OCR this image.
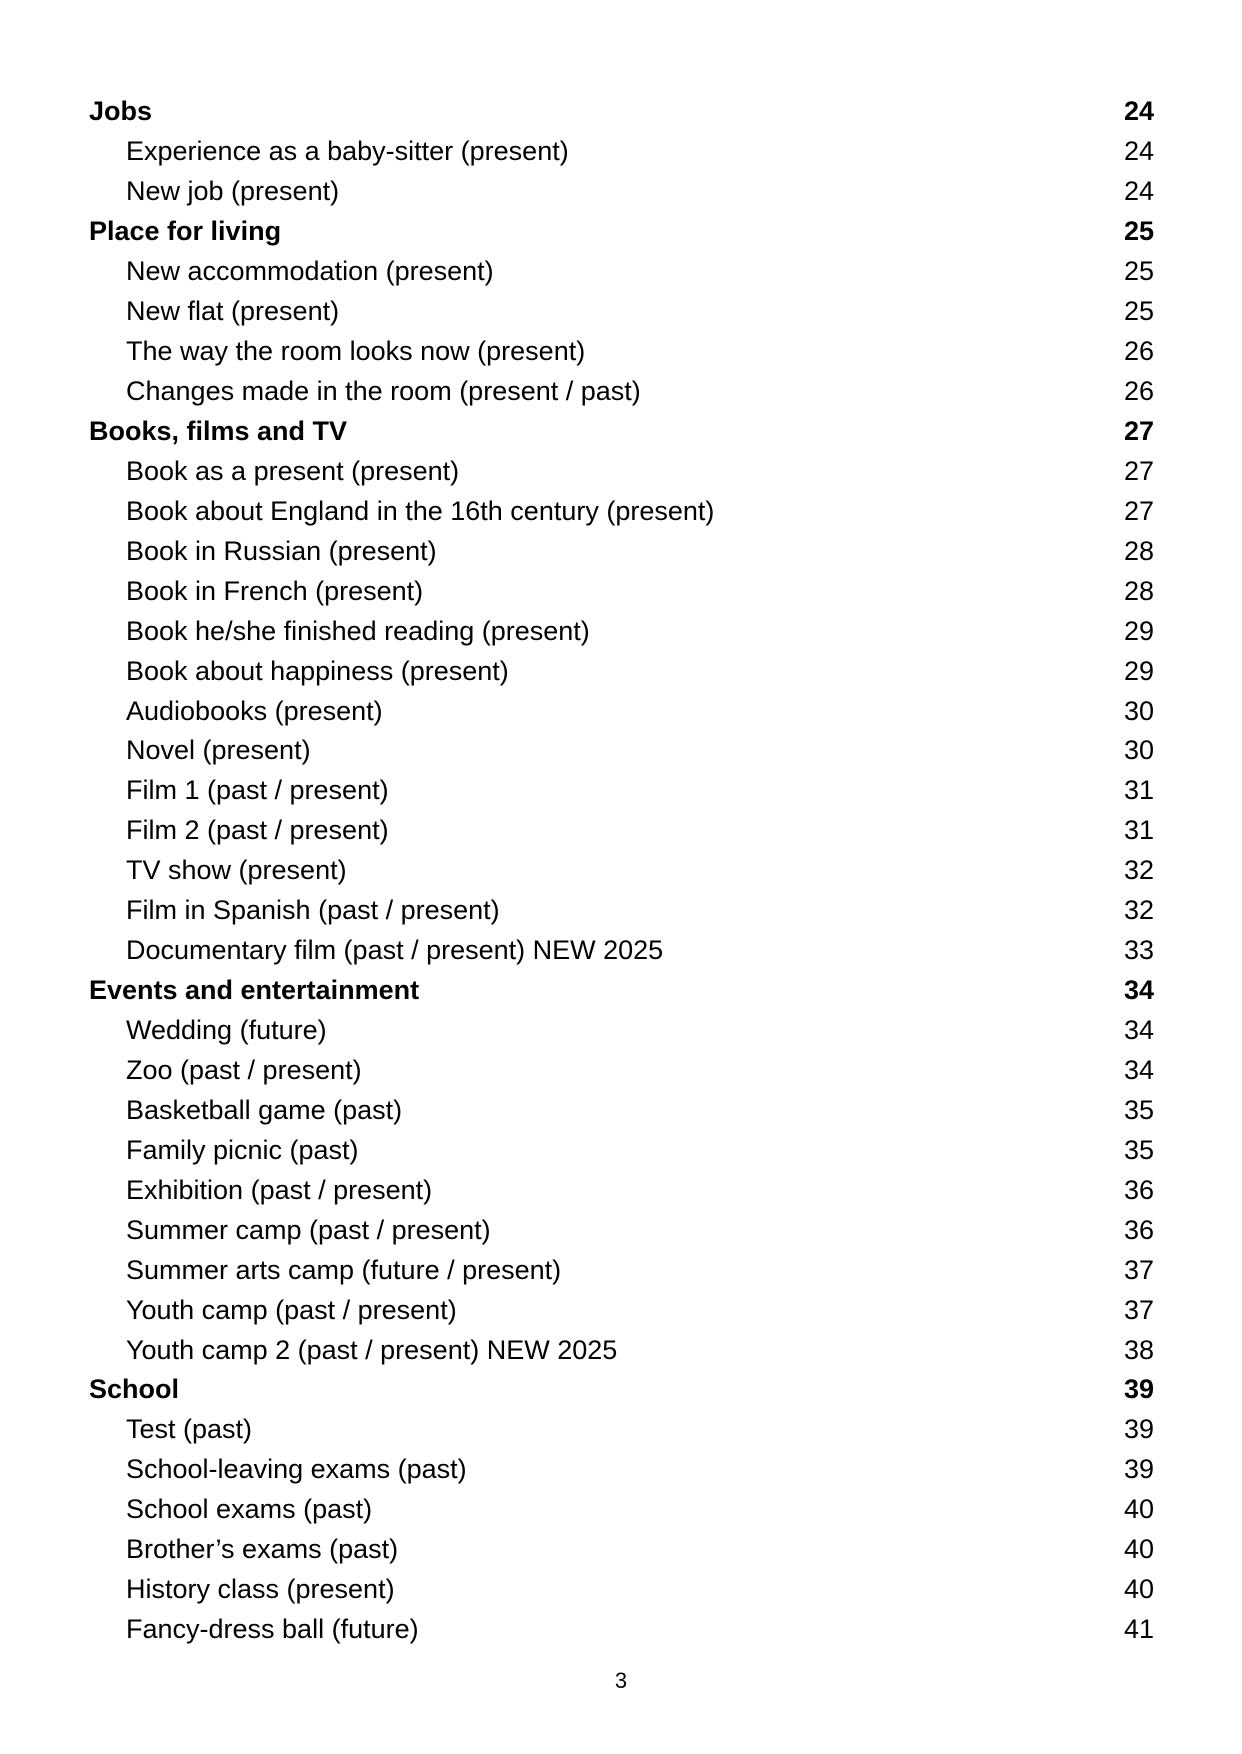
Jobs	24
Experience as a baby-sitter (present)	24
New job (present)	24
Place for living	25
New accommodation (present)	25
New flat (present)	25
The way the room looks now (present)	26
Changes made in the room (present / past)	26
Books, films and TV	27
Book as a present (present)	27
Book about England in the 16th century (present)	27
Book in Russian (present)	28
Book in French (present)	28
Book he/she finished reading (present)	29
Book about happiness (present)	29
Audiobooks (present)	30
Novel (present)	30
Film 1 (past / present)	31
Film 2 (past / present)	31
TV show (present)	32
Film in Spanish (past / present)	32
Documentary film (past / present) NEW 2025	33
Events and entertainment	34
Wedding (future)	34
Zoo (past / present)	34
Basketball game (past)	35
Family picnic (past)	35
Exhibition (past / present)	36
Summer camp (past / present)	36
Summer arts camp (future / present)	37
Youth camp (past / present)	37
Youth camp 2 (past / present) NEW 2025	38
School	39
Test (past)	39
School-leaving exams (past)	39
School exams (past)	40
Brother’s exams (past)	40
History class (present)	40
Fancy-dress ball (future)	41
3
